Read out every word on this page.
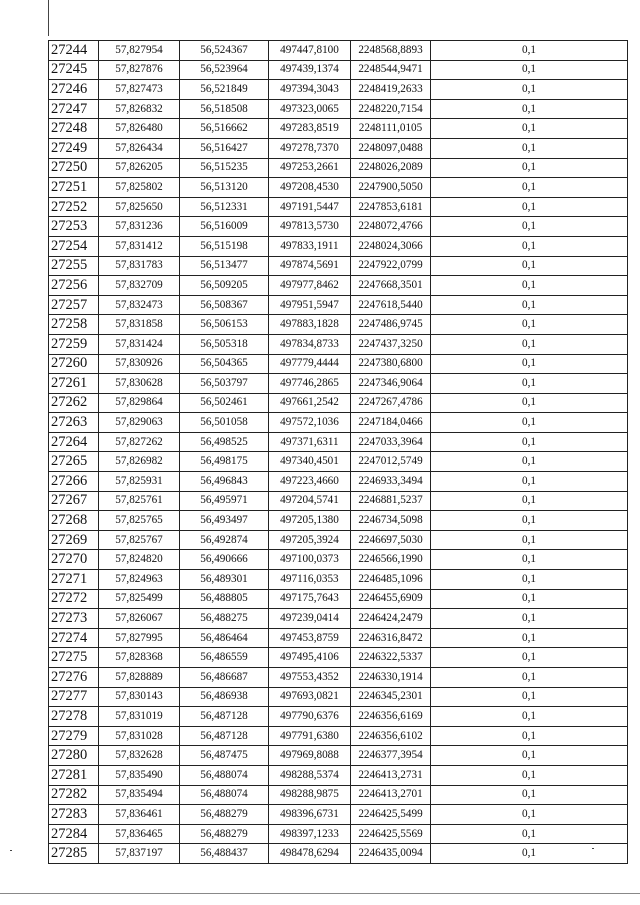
27244	57,827954	56,524367	497447,8100	2248568,8893	0,1
27245	57,827876	56,523964	497439,1374	2248544,9471	0,1
27246	57,827473	56,521849	497394,3043	2248419,2633	0,1
27247	57,826832	56,518508	497323,0065	2248220,7154	0,1
27248	57,826480	56,516662	497283,8519	2248111,0105	0,1
27249	57,826434	56,516427	497278,7370	2248097,0488	0,1
27250	57,826205	56,515235	497253,2661	2248026,2089	0,1
27251	57,825802	56,513120	497208,4530	2247900,5050	0,1
27252	57,825650	56,512331	497191,5447	2247853,6181	0,1
27253	57,831236	56,516009	497813,5730	2248072,4766	0,1
27254	57,831412	56,515198	497833,1911	2248024,3066	0,1
27255	57,831783	56,513477	497874,5691	2247922,0799	0,1
27256	57,832709	56,509205	497977,8462	2247668,3501	0,1
27257	57,832473	56,508367	497951,5947	2247618,5440	0,1
27258	57,831858	56,506153	497883,1828	2247486,9745	0,1
27259	57,831424	56,505318	497834,8733	2247437,3250	0,1
27260	57,830926	56,504365	497779,4444	2247380,6800	0,1
27261	57,830628	56,503797	497746,2865	2247346,9064	0,1
27262	57,829864	56,502461	497661,2542	2247267,4786	0,1
27263	57,829063	56,501058	497572,1036	2247184,0466	0,1
27264	57,827262	56,498525	497371,6311	2247033,3964	0,1
27265	57,826982	56,498175	497340,4501	2247012,5749	0,1
27266	57,825931	56,496843	497223,4660	2246933,3494	0,1
27267	57,825761	56,495971	497204,5741	2246881,5237	0,1
27268	57,825765	56,493497	497205,1380	2246734,5098	0,1
27269	57,825767	56,492874	497205,3924	2246697,5030	0,1
27270	57,824820	56,490666	497100,0373	2246566,1990	0,1
27271	57,824963	56,489301	497116,0353	2246485,1096	0,1
27272	57,825499	56,488805	497175,7643	2246455,6909	0,1
27273	57,826067	56,488275	497239,0414	2246424,2479	0,1
27274	57,827995	56,486464	497453,8759	2246316,8472	0,1
27275	57,828368	56,486559	497495,4106	2246322,5337	0,1
27276	57,828889	56,486687	497553,4352	2246330,1914	0,1
27277	57,830143	56,486938	497693,0821	2246345,2301	0,1
27278	57,831019	56,487128	497790,6376	2246356,6169	0,1
27279	57,831028	56,487128	497791,6380	2246356,6102	0,1
27280	57,832628	56,487475	497969,8088	2246377,3954	0,1
27281	57,835490	56,488074	498288,5374	2246413,2731	0,1
27282	57,835494	56,488074	498288,9875	2246413,2701	0,1
27283	57,836461	56,488279	498396,6731	2246425,5499	0,1
27284	57,836465	56,488279	498397,1233	2246425,5569	0,1
27285	57,837197	56,488437	498478,6294	2246435,0094	0,1
